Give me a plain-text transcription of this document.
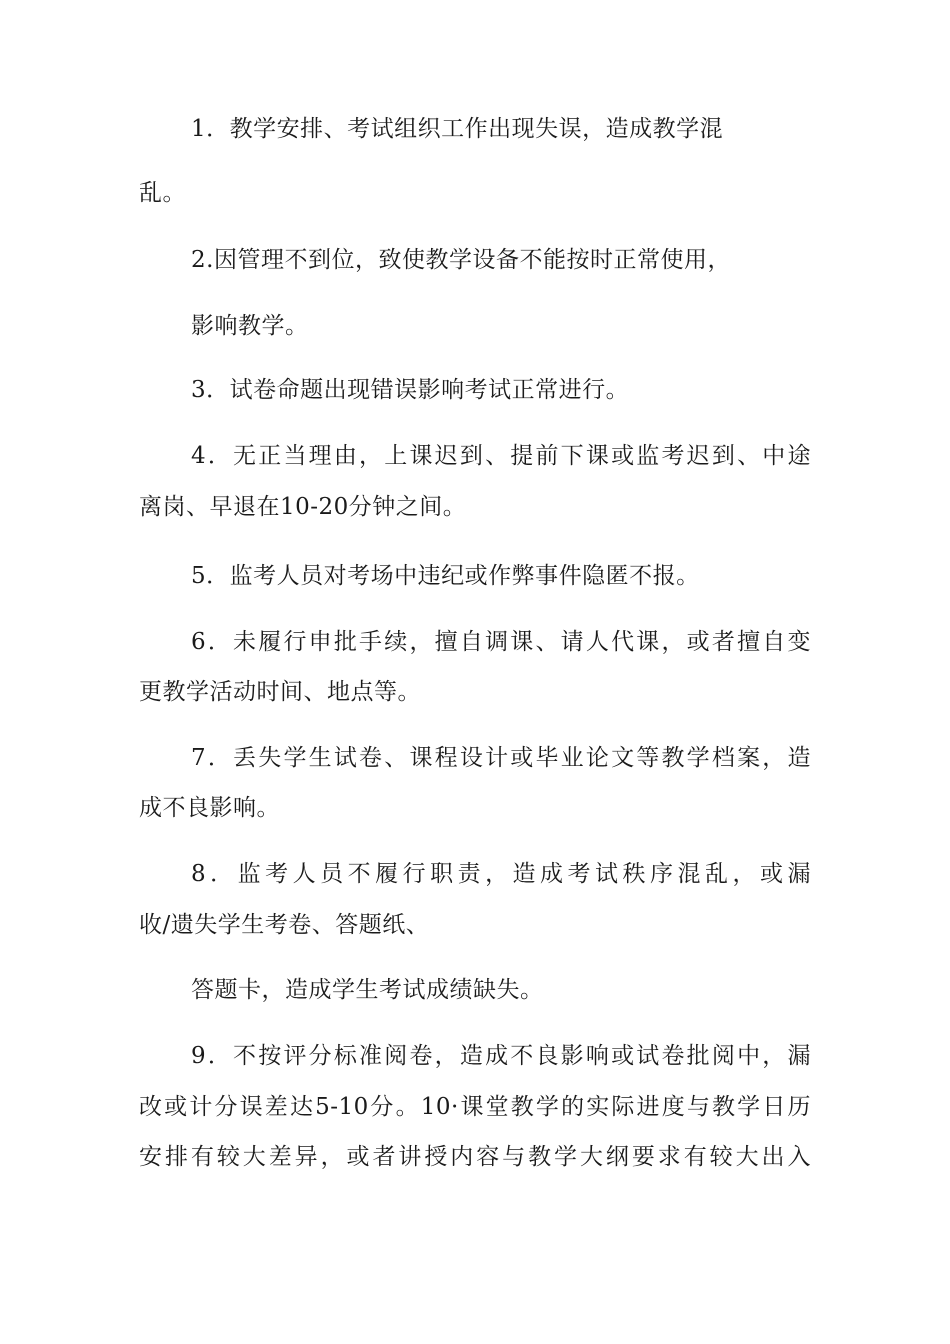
1．教学安排、考试组织工作出现失误，造成教学混
乱。
2.因管理不到位，致使教学设备不能按时正常使用，
影响教学。
3．试卷命题出现错误影响考试正常进行。
4．无正当理由，上课迟到、提前下课或监考迟到、中途
离岗、早退在10-20分钟之间。
5．监考人员对考场中违纪或作弊事件隐匿不报。
6．未履行申批手续，擅自调课、请人代课，或者擅自变
更教学活动时间、地点等。
7．丢失学生试卷、课程设计或毕业论文等教学档案，造
成不良影响。
8．监考人员不履行职责，造成考试秩序混乱，或漏
收/遗失学生考卷、答题纸、
答题卡，造成学生考试成绩缺失。
9．不按评分标准阅卷，造成不良影响或试卷批阅中，漏
改或计分误差达5-10分。10·课堂教学的实际进度与教学日历
安排有较大差异，或者讲授内容与教学大纲要求有较大出入
